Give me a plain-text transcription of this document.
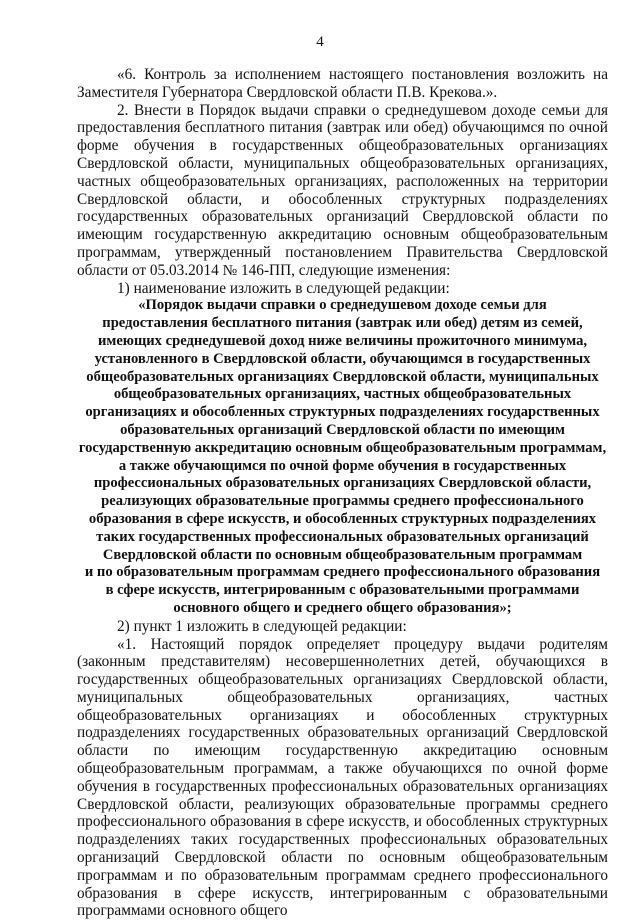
4

«6. Контроль за исполнением настоящего постановления возложить на Заместителя Губернатора Свердловской области П.В. Крекова.».

2. Внести в Порядок выдачи справки о среднедушевом доходе семьи для предоставления бесплатного питания (завтрак или обед) обучающимся по очной форме обучения в государственных общеобразовательных организациях Свердловской области, муниципальных общеобразовательных организациях, частных общеобразовательных организациях, расположенных на территории Свердловской области, и обособленных структурных подразделениях государственных образовательных организаций Свердловской области по имеющим государственную аккредитацию основным общеобразовательным программам, утвержденный постановлением Правительства Свердловской области от 05.03.2014 № 146-ПП, следующие изменения:

1) наименование изложить в следующей редакции:

«Порядок выдачи справки о среднедушевом доходе семьи для
предоставления бесплатного питания (завтрак или обед) детям из семей,
имеющих среднедушевой доход ниже величины прожиточного минимума,
установленного в Свердловской области, обучающимся в государственных
общеобразовательных организациях Свердловской области, муниципальных
общеобразовательных организациях, частных общеобразовательных
организациях и обособленных структурных подразделениях государственных
образовательных организаций Свердловской области по имеющим
государственную аккредитацию основным общеобразовательным программам,
а также обучающимся по очной форме обучения в государственных
профессиональных образовательных организациях Свердловской области,
реализующих образовательные программы среднего профессионального
образования в сфере искусств, и обособленных структурных подразделениях
таких государственных профессиональных образовательных организаций
Свердловской области по основным общеобразовательным программам
и по образовательным программам среднего профессионального образования
в сфере искусств, интегрированным с образовательными программами
основного общего и среднего общего образования»;

2) пункт 1 изложить в следующей редакции:

«1. Настоящий порядок определяет процедуру выдачи родителям (законным представителям) несовершеннолетних детей, обучающихся в государственных общеобразовательных организациях Свердловской области, муниципальных общеобразовательных организациях, частных общеобразовательных организациях и обособленных структурных подразделениях государственных образовательных организаций Свердловской области по имеющим государственную аккредитацию основным общеобразовательным программам, а также обучающихся по очной форме обучения в государственных профессиональных образовательных организациях Свердловской области, реализующих образовательные программы среднего профессионального образования в сфере искусств, и обособленных структурных подразделениях таких государственных профессиональных образовательных организаций Свердловской области по основным общеобразовательным программам и по образовательным программам среднего профессионального образования в сфере искусств, интегрированным с образовательными программами основного общего
